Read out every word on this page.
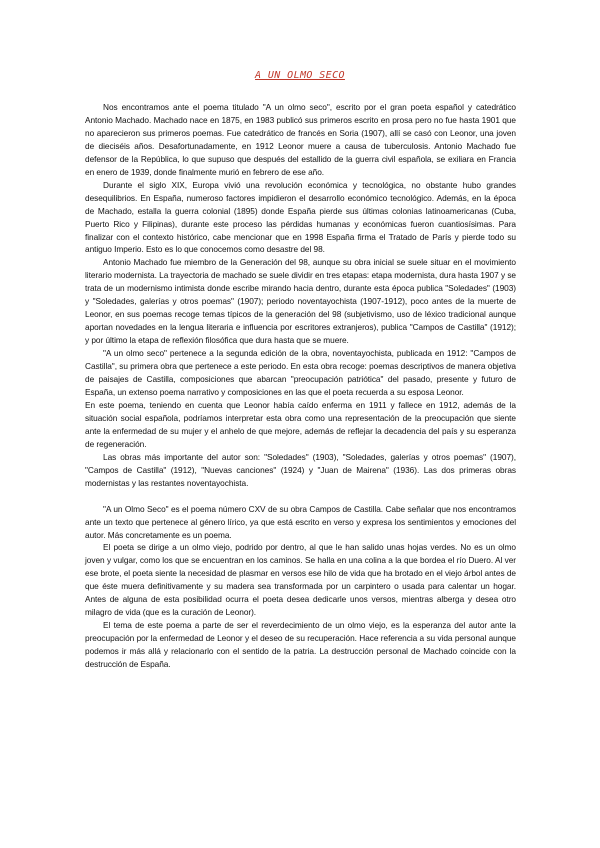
A UN OLMO SECO

Nos encontramos ante el poema titulado "A un olmo seco", escrito por el gran poeta español y catedrático Antonio Machado. Machado nace en 1875, en 1983 publicó sus primeros escrito en prosa pero no fue hasta 1901 que no aparecieron sus primeros poemas. Fue catedrático de francés en Soria (1907), allí se casó con Leonor, una joven de dieciséis años. Desafortunadamente, en 1912 Leonor muere a causa de tuberculosis. Antonio Machado fue defensor de la República, lo que supuso que después del estallido de la guerra civil española, se exiliara en Francia en enero de 1939, donde finalmente murió en febrero de ese año.

Durante el siglo XIX, Europa vivió una revolución económica y tecnológica, no obstante hubo grandes desequilibrios. En España, numeroso factores impidieron el desarrollo económico tecnológico. Además, en la época de Machado, estalla la guerra colonial (1895) donde España pierde sus últimas colonias latinoamericanas (Cuba, Puerto Rico y Filipinas), durante este proceso las pérdidas humanas y económicas fueron cuantiosísimas. Para finalizar con el contexto histórico, cabe mencionar que en 1998 España firma el Tratado de París y pierde todo su antiguo Imperio. Esto es lo que conocemos como desastre del 98.

Antonio Machado fue miembro de la Generación del 98, aunque su obra inicial se suele situar en el movimiento literario modernista. La trayectoria de machado se suele dividir en tres etapas: etapa modernista, dura hasta 1907 y se trata de un modernismo intimista donde escribe mirando hacia dentro, durante esta época publica "Soledades" (1903) y "Soledades, galerías y otros poemas" (1907); periodo noventayochista (1907-1912), poco antes de la muerte de Leonor, en sus poemas recoge temas típicos de la generación del 98 (subjetivismo, uso de léxico tradicional aunque aportan novedades en la lengua literaria e influencia por escritores extranjeros), publica "Campos de Castilla" (1912); y por último la etapa de reflexión filosófica que dura hasta que se muere.

"A un olmo seco" pertenece a la segunda edición de la obra, noventayochista, publicada en 1912: "Campos de Castilla", su primera obra que pertenece a este periodo. En esta obra recoge: poemas descriptivos de manera objetiva de paisajes de Castilla, composiciones que abarcan "preocupación patriótica" del pasado, presente y futuro de España, un extenso poema narrativo y composiciones en las que el poeta recuerda a su esposa Leonor.

En este poema, teniendo en cuenta que Leonor había caído enferma en 1911 y fallece en 1912, además de la situación social española, podríamos interpretar esta obra como una representación de la preocupación que siente ante la enfermedad de su mujer y el anhelo de que mejore, además de reflejar la decadencia del país y su esperanza de regeneración.

Las obras más importante del autor son: "Soledades" (1903), "Soledades, galerías y otros poemas" (1907), "Campos de Castilla" (1912), "Nuevas canciones" (1924) y "Juan de Mairena" (1936). Las dos primeras obras modernistas y las restantes noventayochista.

"A un Olmo Seco" es el poema número CXV de su obra Campos de Castilla. Cabe señalar que nos encontramos ante un texto que pertenece al género lírico, ya que está escrito en verso y expresa los sentimientos y emociones del autor. Más concretamente es un poema.

El poeta se dirige a un olmo viejo, podrido por dentro, al que le han salido unas hojas verdes. No es un olmo joven y vulgar, como los que se encuentran en los caminos. Se halla en una colina a la que bordea el río Duero. Al ver ese brote, el poeta siente la necesidad de plasmar en versos ese hilo de vida que ha brotado en el viejo árbol antes de que éste muera definitivamente y su madera sea transformada por un carpintero o usada para calentar un hogar. Antes de alguna de esta posibilidad ocurra el poeta desea dedicarle unos versos, mientras alberga y desea otro milagro de vida (que es la curación de Leonor).

El tema de este poema a parte de ser el reverdecimiento de un olmo viejo, es la esperanza del autor ante la preocupación por la enfermedad de Leonor y el deseo de su recuperación. Hace referencia a su vida personal aunque podemos ir más allá y relacionarlo con el sentido de la patria. La destrucción personal de Machado coincide con la destrucción de España.
